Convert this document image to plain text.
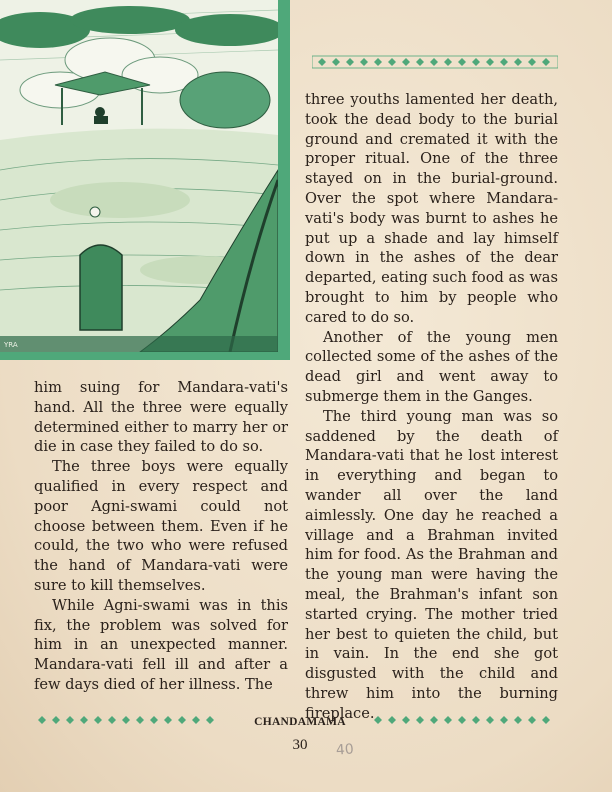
YRA

him suing for Mandara-vati's hand. All the three were equally determined either to marry her or die in case they failed to do so.

The three boys were equally qualified in every respect and poor Agni-swami could not choose between them. Even if he could, the two who were refused the hand of Mandara-vati were sure to kill themselves.

While Agni-swami was in this fix, the problem was solved for him in an unexpected manner. Mandara-vati fell ill and after a few days died of her illness. The

three youths lamented her death, took the dead body to the burial ground and cremated it with the proper ritual. One of the three stayed on in the burial-ground. Over the spot where Mandara-vati's body was burnt to ashes he put up a shade and lay himself down in the ashes of the dear departed, eating such food as was brought to him by people who cared to do so.

Another of the young men collected some of the ashes of the dead girl and went away to submerge them in the Ganges.

The third young man was so saddened by the death of Mandara-vati that he lost interest in everything and began to wander all over the land aimlessly. One day he reached a village and a Brahman invited him for food. As the Brahman and the young man were having the meal, the Brahman's infant son started crying. The mother tried her best to quieten the child, but in vain. In the end she got disgusted with the child and threw him into the burning fireplace.

CHANDAMAMA
30	40
